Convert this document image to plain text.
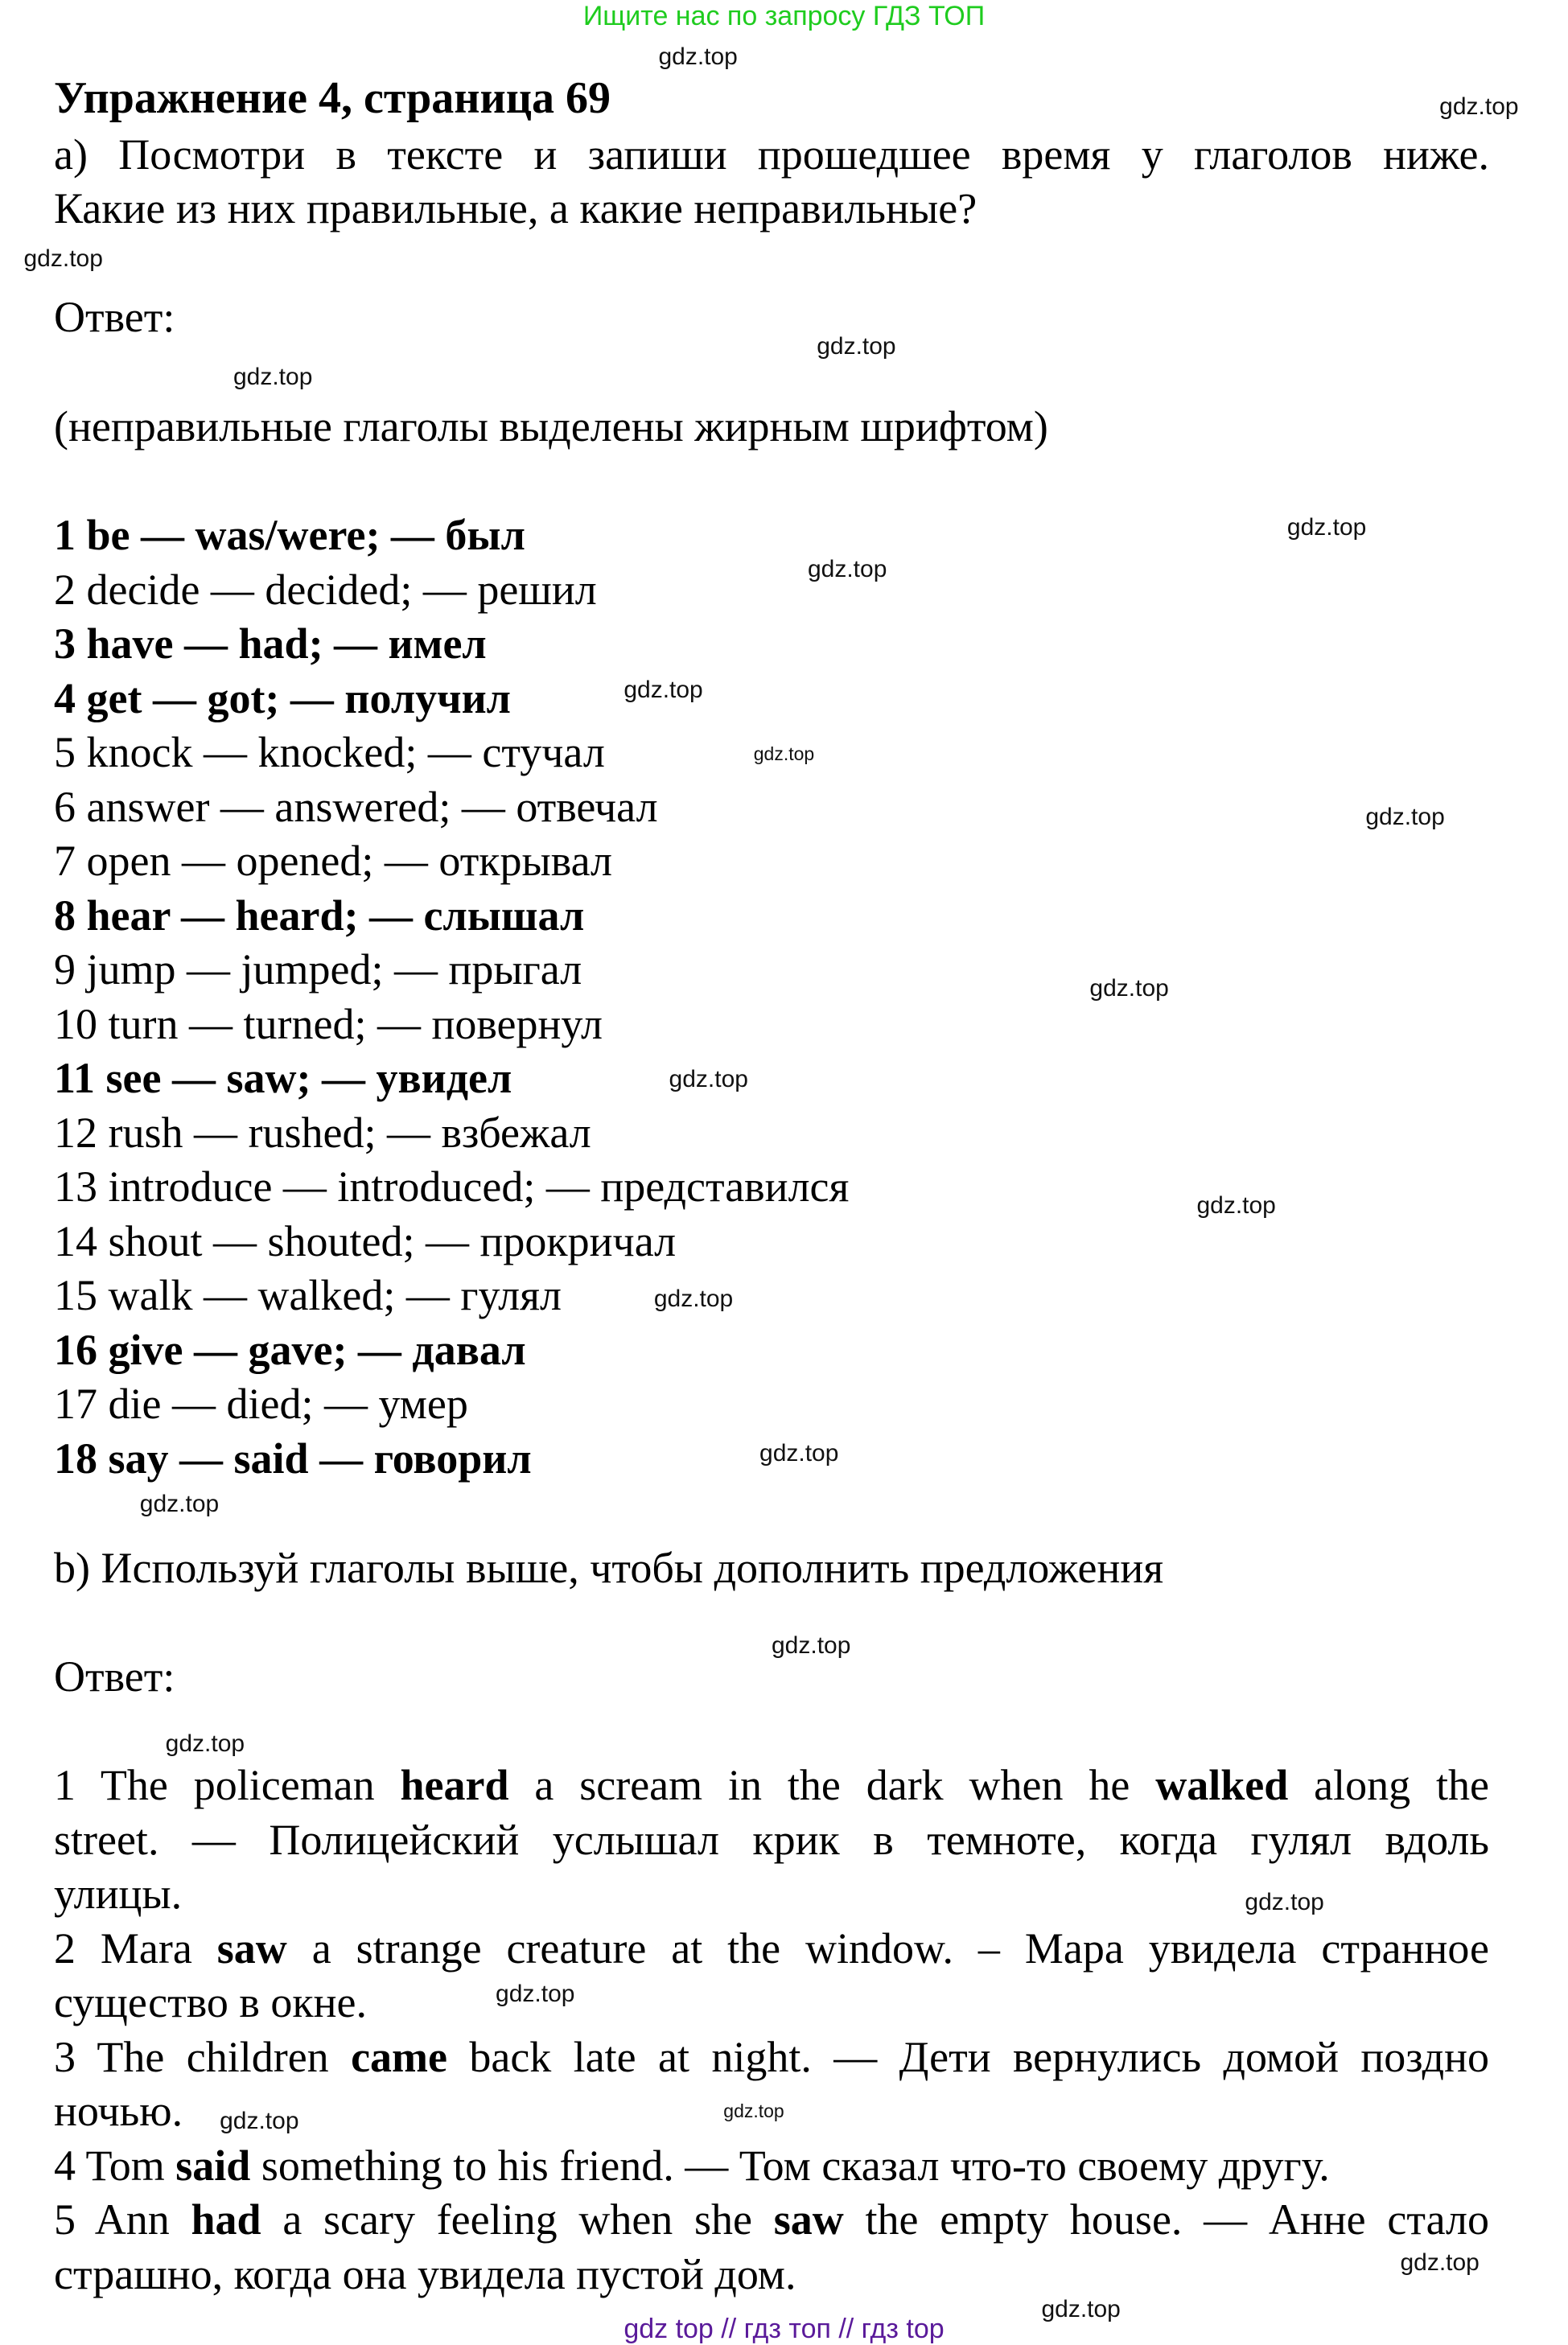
Ищите нас по запросу ГДЗ ТОП
Упражнение 4, страница 69
а) Посмотри в тексте и запиши прошедшее время у глаголов ниже.
Какие из них правильные, а какие неправильные?
Ответ:
(неправильные глаголы выделены жирным шрифтом)
1 be — was/were; — был
2 decide — decided; — решил
3 have — had; — имел
4 get — got; — получил
5 knock — knocked; — стучал
6 answer — answered; — отвечал
7 open — opened; — открывал
8 hear — heard; — слышал
9 jump — jumped; — прыгал
10 turn — turned; — повернул
11 see — saw; — увидел
12 rush — rushed; — взбежал
13 introduce — introduced; — представился
14 shout — shouted; — прокричал
15 walk — walked; — гулял
16 give — gave; — давал
17 die — died; — умер
18 say — said — говорил
b) Используй глаголы выше, чтобы дополнить предложения
Ответ:
1 The policeman heard a scream in the dark when he walked along the
street. — Полицейский услышал крик в темноте, когда гулял вдоль
улицы.
2 Mara saw a strange creature at the window. – Мара увидела странное
существо в окне.
3 The children came back late at night. — Дети вернулись домой поздно
ночью.
4 Tom said something to his friend. — Том сказал что-то своему другу.
5 Ann had a scary feeling when she saw the empty house. — Анне стало
страшно, когда она увидела пустой дом.
gdz.top
gdz.top
gdz.top
gdz.top
gdz.top
gdz.top
gdz.top
gdz.top
gdz.top
gdz.top
gdz.top
gdz.top
gdz.top
gdz.top
gdz.top
gdz.top
gdz.top
gdz.top
gdz.top
gdz.top
gdz.top	gdz.top
gdz.top
gdz.top
gdz top // гдз топ // гдз top
